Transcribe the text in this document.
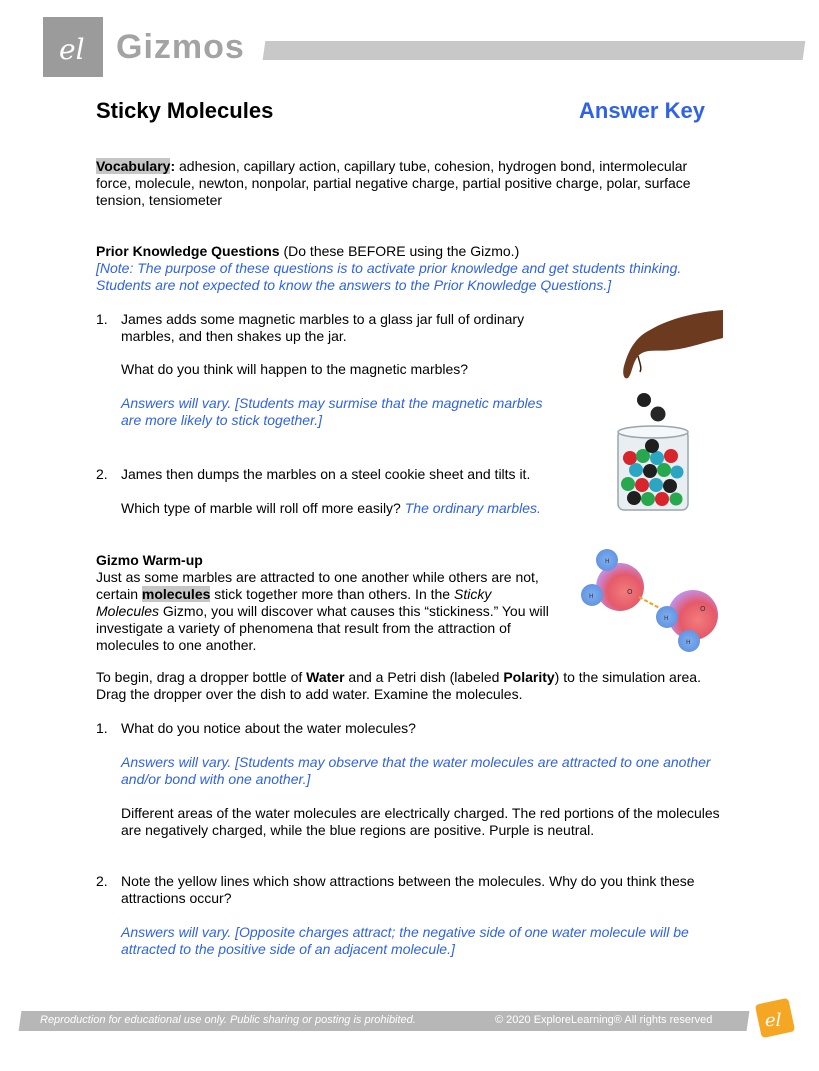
el Gizmos
Sticky Molecules	Answer Key
Vocabulary: adhesion, capillary action, capillary tube, cohesion, hydrogen bond, intermolecular force, molecule, newton, nonpolar, partial negative charge, partial positive charge, polar, surface tension, tensiometer
Prior Knowledge Questions (Do these BEFORE using the Gizmo.)
[Note: The purpose of these questions is to activate prior knowledge and get students thinking. Students are not expected to know the answers to the Prior Knowledge Questions.]
1. James adds some magnetic marbles to a glass jar full of ordinary marbles, and then shakes up the jar.
What do you think will happen to the magnetic marbles?
Answers will vary. [Students may surmise that the magnetic marbles are more likely to stick together.]
2. James then dumps the marbles on a steel cookie sheet and tilts it.
Which type of marble will roll off more easily? The ordinary marbles.
Gizmo Warm-up
Just as some marbles are attracted to one another while others are not, certain molecules stick together more than others. In the Sticky Molecules Gizmo, you will discover what causes this “stickiness.” You will investigate a variety of phenomena that result from the attraction of molecules to one another.
O
H
H
O
H
H
To begin, drag a dropper bottle of Water and a Petri dish (labeled Polarity) to the simulation area. Drag the dropper over the dish to add water. Examine the molecules.
1. What do you notice about the water molecules?
Answers will vary. [Students may observe that the water molecules are attracted to one another and/or bond with one another.]
Different areas of the water molecules are electrically charged. The red portions of the molecules are negatively charged, while the blue regions are positive. Purple is neutral.
2. Note the yellow lines which show attractions between the molecules. Why do you think these attractions occur?
Answers will vary. [Opposite charges attract; the negative side of one water molecule will be attracted to the positive side of an adjacent molecule.]
Reproduction for educational use only. Public sharing or posting is prohibited.	© 2020 ExploreLearning® All rights reserved	el
